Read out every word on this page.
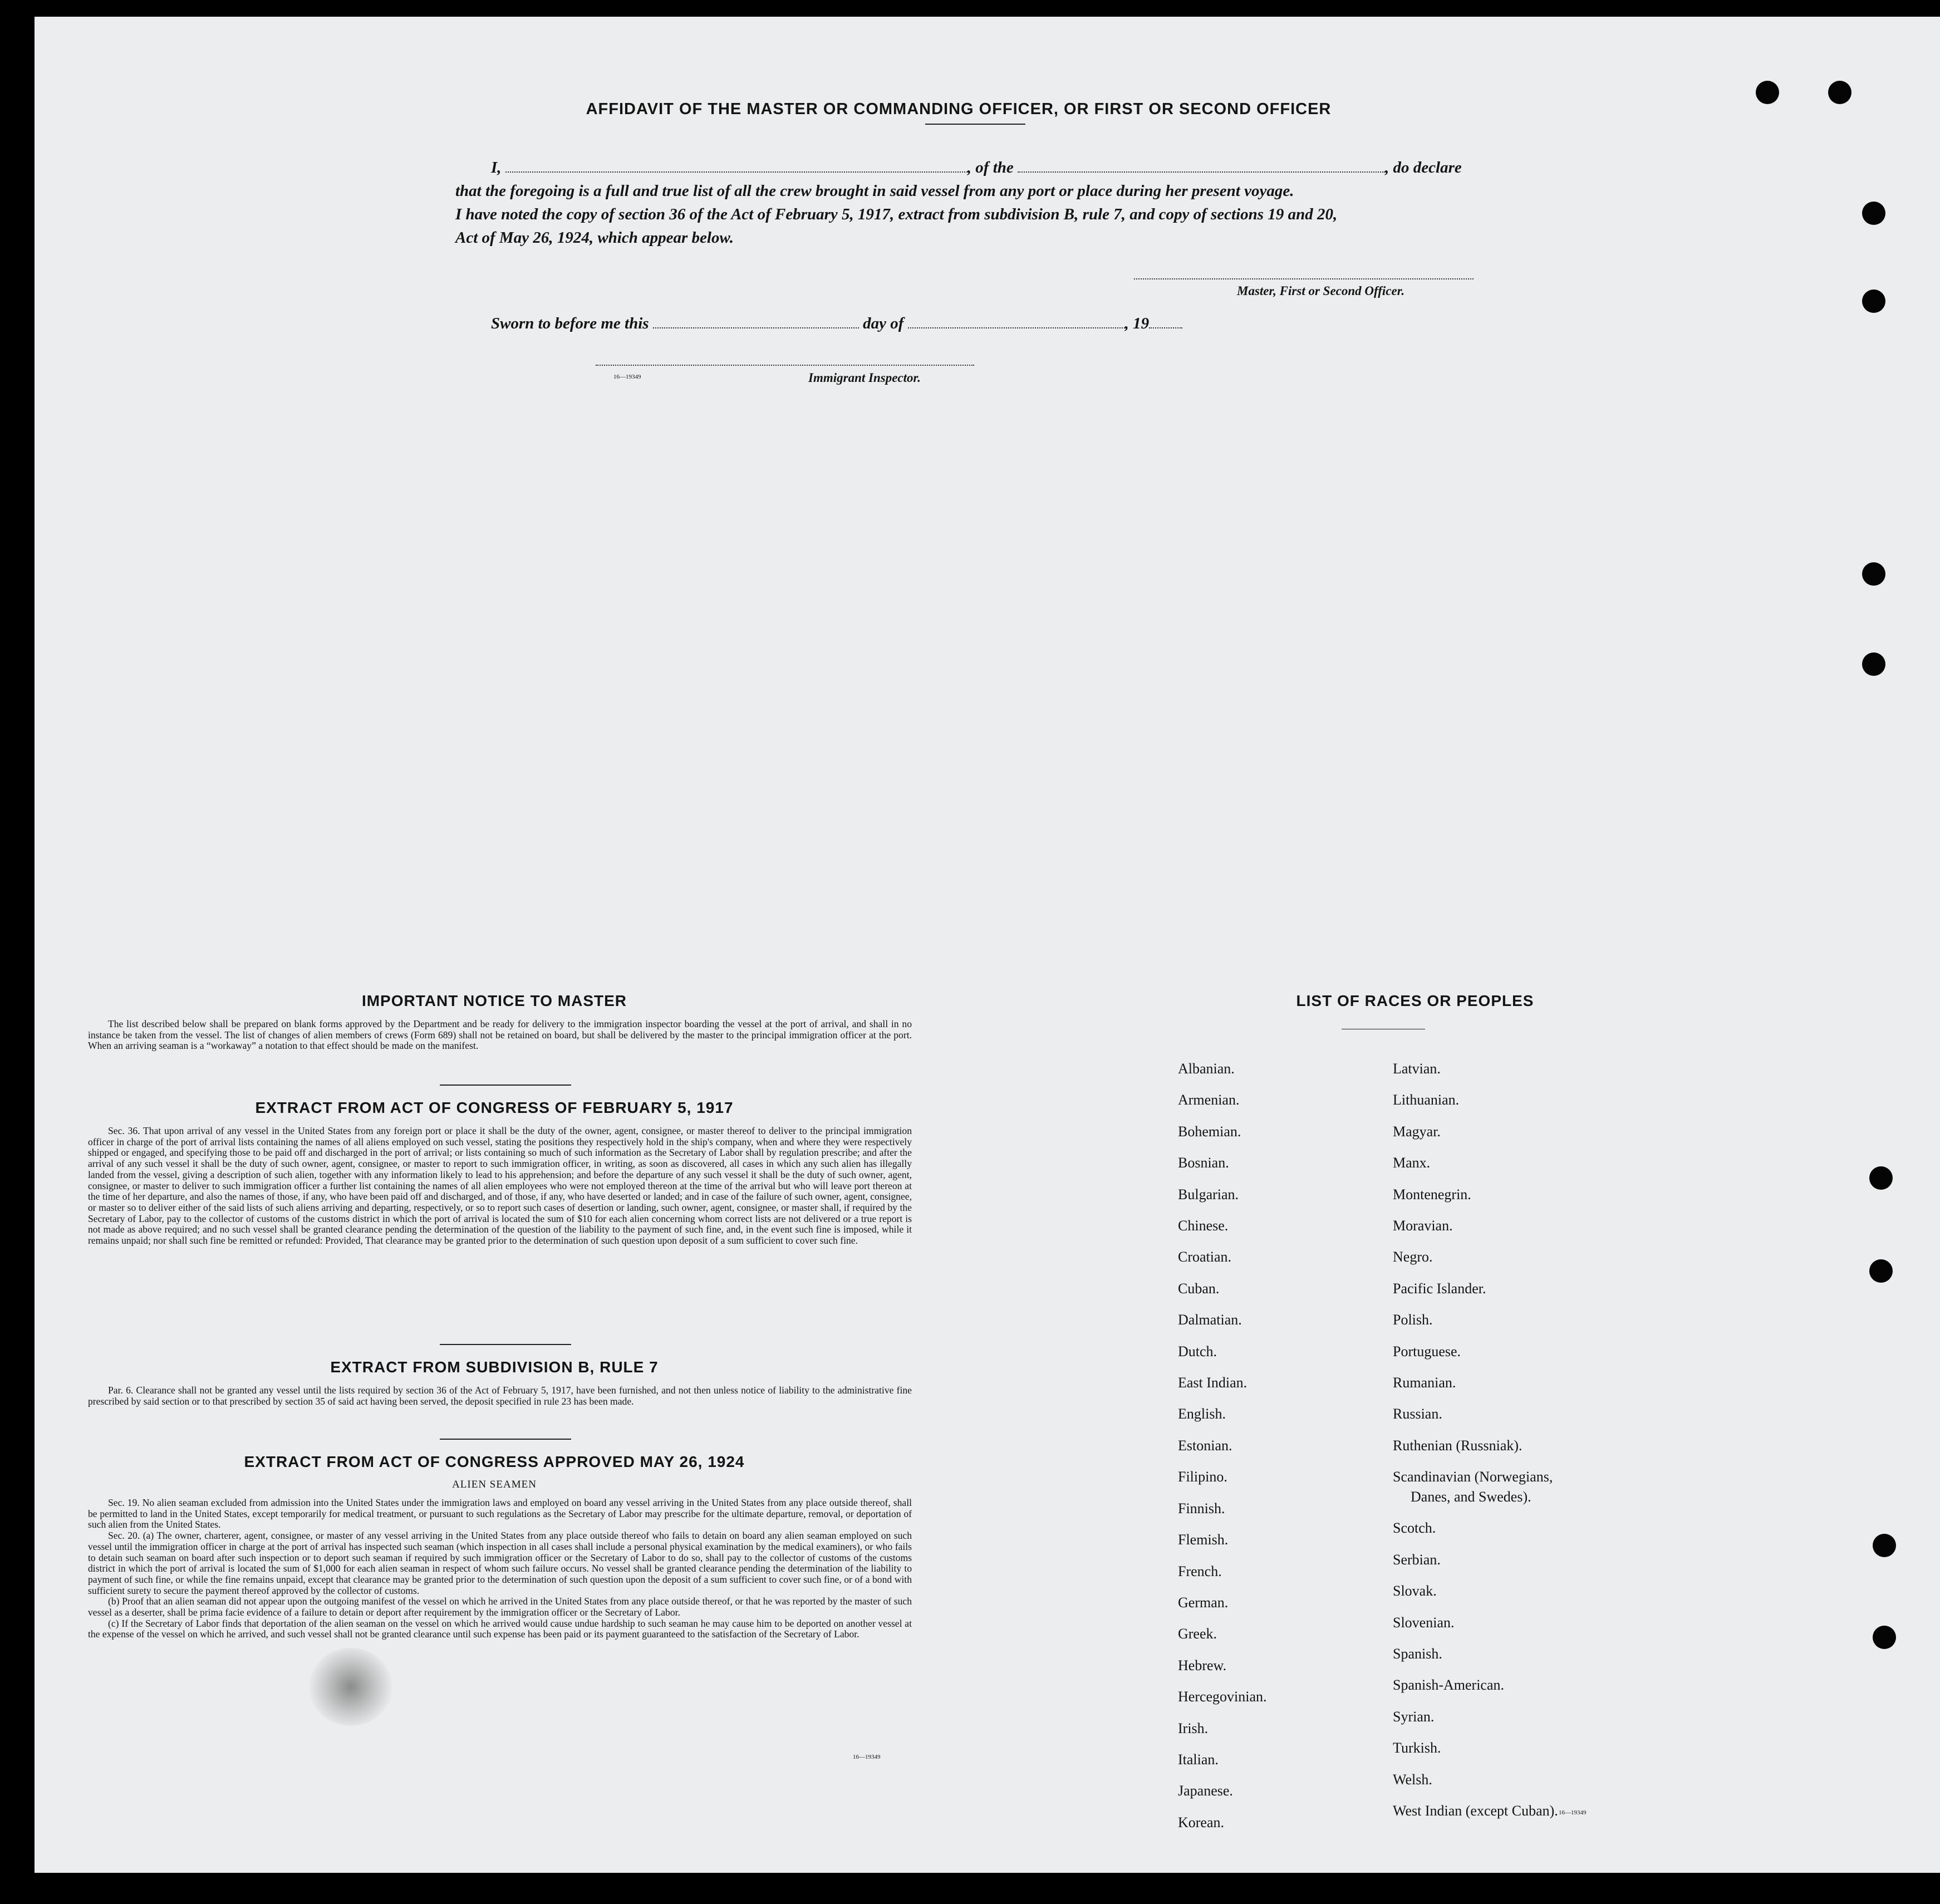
AFFIDAVIT OF THE MASTER OR COMMANDING OFFICER, OR FIRST OR SECOND OFFICER
I,	, of the	, do declare
that the foregoing is a full and true list of all the crew brought in said vessel from any port or place during her present voyage.
I have noted the copy of section 36 of the Act of February 5, 1917, extract from subdivision B, rule 7, and copy of sections 19 and 20,
Act of May 26, 1924, which appear below.
Master, First or Second Officer.
Sworn to before me this	day of	, 19
16—19349	Immigrant Inspector.
IMPORTANT NOTICE TO MASTER

The list described below shall be prepared on blank forms approved by the Department and be ready for delivery to the immigration inspector boarding the vessel at the port of arrival, and shall in no instance be taken from the vessel. The list of changes of alien members of crews (Form 689) shall not be retained on board, but shall be delivered by the master to the principal immigration officer at the port. When an arriving seaman is a “workaway” a notation to that effect should be made on the manifest.

EXTRACT FROM ACT OF CONGRESS OF FEBRUARY 5, 1917

Sec. 36. That upon arrival of any vessel in the United States from any foreign port or place it shall be the duty of the owner, agent, consignee, or master thereof to deliver to the principal immigration officer in charge of the port of arrival lists containing the names of all aliens employed on such vessel, stating the positions they respectively hold in the ship's company, when and where they were respectively shipped or engaged, and specifying those to be paid off and discharged in the port of arrival; or lists containing so much of such information as the Secretary of Labor shall by regulation prescribe; and after the arrival of any such vessel it shall be the duty of such owner, agent, consignee, or master to report to such immigration officer, in writing, as soon as discovered, all cases in which any such alien has illegally landed from the vessel, giving a description of such alien, together with any information likely to lead to his apprehension; and before the departure of any such vessel it shall be the duty of such owner, agent, consignee, or master to deliver to such immigration officer a further list containing the names of all alien employees who were not employed thereon at the time of the arrival but who will leave port thereon at the time of her departure, and also the names of those, if any, who have been paid off and discharged, and of those, if any, who have deserted or landed; and in case of the failure of such owner, agent, consignee, or master so to deliver either of the said lists of such aliens arriving and departing, respectively, or so to report such cases of desertion or landing, such owner, agent, consignee, or master shall, if required by the Secretary of Labor, pay to the collector of customs of the customs district in which the port of arrival is located the sum of $10 for each alien concerning whom correct lists are not delivered or a true report is not made as above required; and no such vessel shall be granted clearance pending the determination of the question of the liability to the payment of such fine, and, in the event such fine is imposed, while it remains unpaid; nor shall such fine be remitted or refunded: Provided, That clearance may be granted prior to the determination of such question upon deposit of a sum sufficient to cover such fine.

EXTRACT FROM SUBDIVISION B, RULE 7

Par. 6. Clearance shall not be granted any vessel until the lists required by section 36 of the Act of February 5, 1917, have been furnished, and not then unless notice of liability to the administrative fine prescribed by said section or to that prescribed by section 35 of said act having been served, the deposit specified in rule 23 has been made.

EXTRACT FROM ACT OF CONGRESS APPROVED MAY 26, 1924
ALIEN SEAMEN

Sec. 19. No alien seaman excluded from admission into the United States under the immigration laws and employed on board any vessel arriving in the United States from any place outside thereof, shall be permitted to land in the United States, except temporarily for medical treatment, or pursuant to such regulations as the Secretary of Labor may prescribe for the ultimate departure, removal, or deportation of such alien from the United States.

Sec. 20. (a) The owner, charterer, agent, consignee, or master of any vessel arriving in the United States from any place outside thereof who fails to detain on board any alien seaman employed on such vessel until the immigration officer in charge at the port of arrival has inspected such seaman (which inspection in all cases shall include a personal physical examination by the medical examiners), or who fails to detain such seaman on board after such inspection or to deport such seaman if required by such immigration officer or the Secretary of Labor to do so, shall pay to the collector of customs of the customs district in which the port of arrival is located the sum of $1,000 for each alien seaman in respect of whom such failure occurs. No vessel shall be granted clearance pending the determination of the liability to payment of such fine, or while the fine remains unpaid, except that clearance may be granted prior to the determination of such question upon the deposit of a sum sufficient to cover such fine, or of a bond with sufficient surety to secure the payment thereof approved by the collector of customs.

(b) Proof that an alien seaman did not appear upon the outgoing manifest of the vessel on which he arrived in the United States from any place outside thereof, or that he was reported by the master of such vessel as a deserter, shall be prima facie evidence of a failure to detain or deport after requirement by the immigration officer or the Secretary of Labor.

(c) If the Secretary of Labor finds that deportation of the alien seaman on the vessel on which he arrived would cause undue hardship to such seaman he may cause him to be deported on another vessel at the expense of the vessel on which he arrived, and such vessel shall not be granted clearance until such expense has been paid or its payment guaranteed to the satisfaction of the Secretary of Labor.

16—19349
LIST OF RACES OR PEOPLES
Albanian.
Armenian.
Bohemian.
Bosnian.
Bulgarian.
Chinese.
Croatian.
Cuban.
Dalmatian.
Dutch.
East Indian.
English.
Estonian.
Filipino.
Finnish.
Flemish.
French.
German.
Greek.
Hebrew.
Hercegovinian.
Irish.
Italian.
Japanese.
Korean.
Latvian.
Lithuanian.
Magyar.
Manx.
Montenegrin.
Moravian.
Negro.
Pacific Islander.
Polish.
Portuguese.
Rumanian.
Russian.
Ruthenian (Russniak).
Scandinavian (Norwegians,
Danes, and Swedes).
Scotch.
Serbian.
Slovak.
Slovenian.
Spanish.
Spanish-American.
Syrian.
Turkish.
Welsh.
West Indian (except Cuban). 16—19349
